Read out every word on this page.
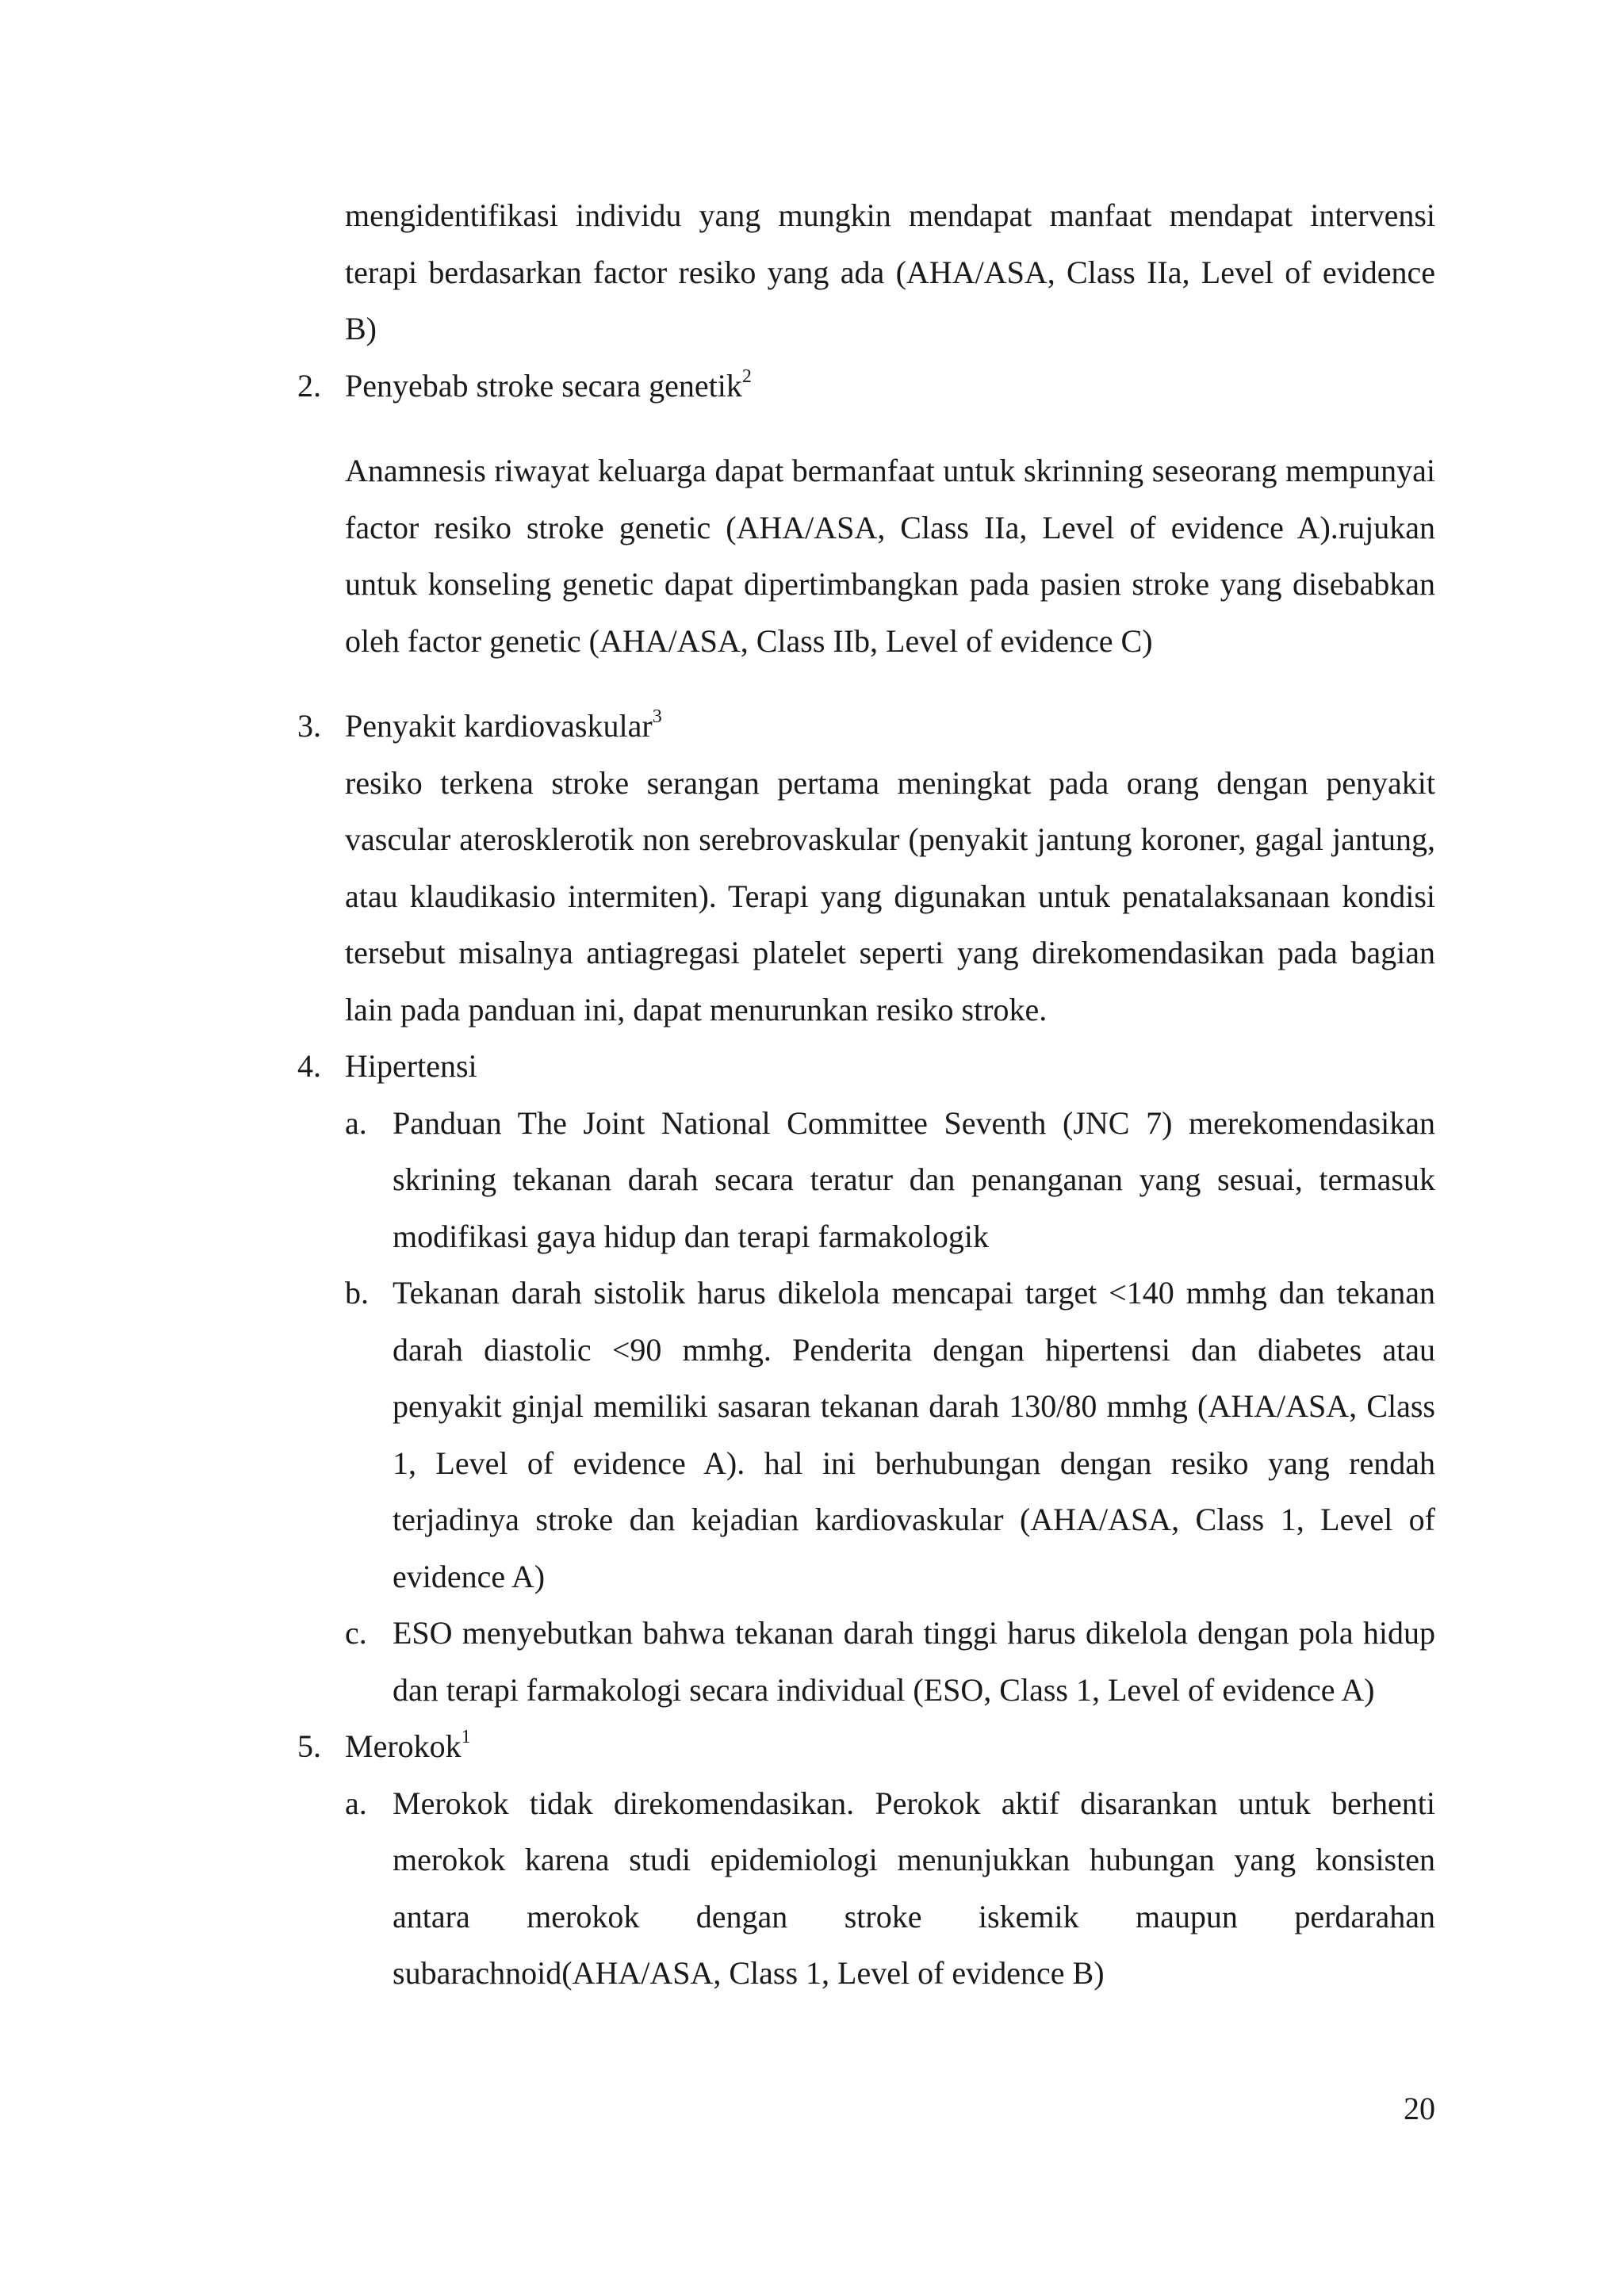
mengidentifikasi individu yang mungkin mendapat manfaat mendapat intervensi terapi berdasarkan factor resiko yang ada (AHA/ASA, Class IIa, Level of evidence B)
2. Penyebab stroke secara genetik$^2$
Anamnesis riwayat keluarga dapat bermanfaat untuk skrinning seseorang mempunyai factor resiko stroke genetic (AHA/ASA, Class IIa, Level of evidence A).rujukan untuk konseling genetic dapat dipertimbangkan pada pasien stroke yang disebabkan oleh factor genetic (AHA/ASA, Class IIb, Level of evidence C)
3. Penyakit kardiovaskular$^3$
resiko terkena stroke serangan pertama meningkat pada orang dengan penyakit vascular aterosklerotik non serebrovaskular (penyakit jantung koroner, gagal jantung, atau klaudikasio intermiten). Terapi yang digunakan untuk penatalaksanaan kondisi tersebut misalnya antiagregasi platelet seperti yang direkomendasikan pada bagian lain pada panduan ini, dapat menurunkan resiko stroke.
4. Hipertensi
a. Panduan The Joint National Committee Seventh (JNC 7) merekomendasikan skrining tekanan darah secara teratur dan penanganan yang sesuai, termasuk modifikasi gaya hidup dan terapi farmakologik
b. Tekanan darah sistolik harus dikelola mencapai target <140 mmhg dan tekanan darah diastolic <90 mmhg. Penderita dengan hipertensi dan diabetes atau penyakit ginjal memiliki sasaran tekanan darah 130/80 mmhg (AHA/ASA, Class 1, Level of evidence A). hal ini berhubungan dengan resiko yang rendah terjadinya stroke dan kejadian kardiovaskular (AHA/ASA, Class 1, Level of evidence A)
c. ESO menyebutkan bahwa tekanan darah tinggi harus dikelola dengan pola hidup dan terapi farmakologi secara individual (ESO, Class 1, Level of evidence A)
5. Merokok$^1$
a. Merokok tidak direkomendasikan. Perokok aktif disarankan untuk berhenti merokok karena studi epidemiologi menunjukkan hubungan yang konsisten antara merokok dengan stroke iskemik maupun perdarahan subarachnoid(AHA/ASA, Class 1, Level of evidence B)
20
